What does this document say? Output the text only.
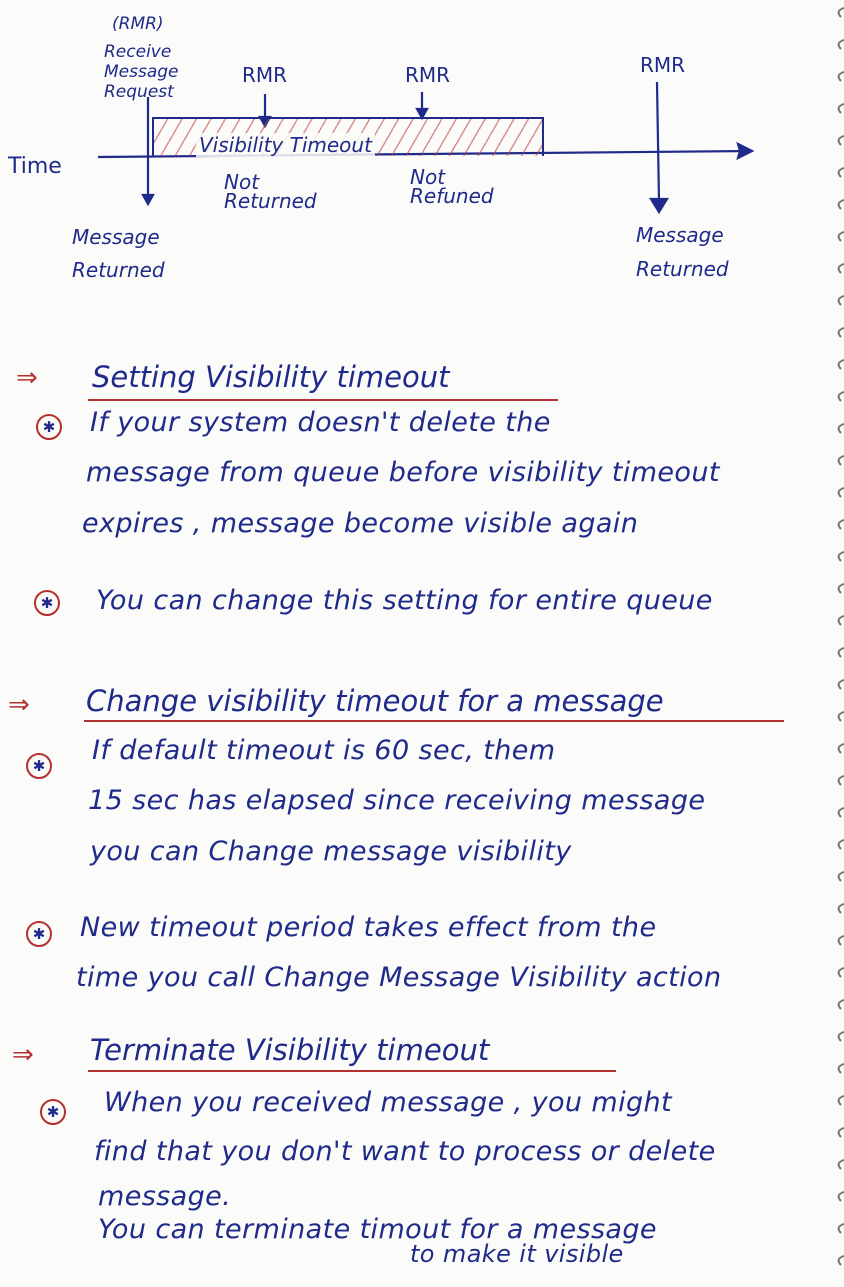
Visibility Timeout
(RMR)
Receive
Message
Request
RMR	RMR	RMR
Time
Not
Returned
Not
Refuned
Message
Returned
Message
Returned
⇒ Setting Visibility timeout
✱ If your system doesn't delete the
message from queue before visibility timeout
expires , message become visible again
✱ You can change this setting for entire queue
⇒ Change visibility timeout for a message
✱ If default timeout is 60 sec, them
15 sec has elapsed since receiving message
you can Change message visibility
✱ New timeout period takes effect from the
time you call Change Message Visibility action
⇒ Terminate Visibility timeout
✱ When you received message , you might
find that you don't want to process or delete
message.
You can terminate timout for a message
to make it visible
